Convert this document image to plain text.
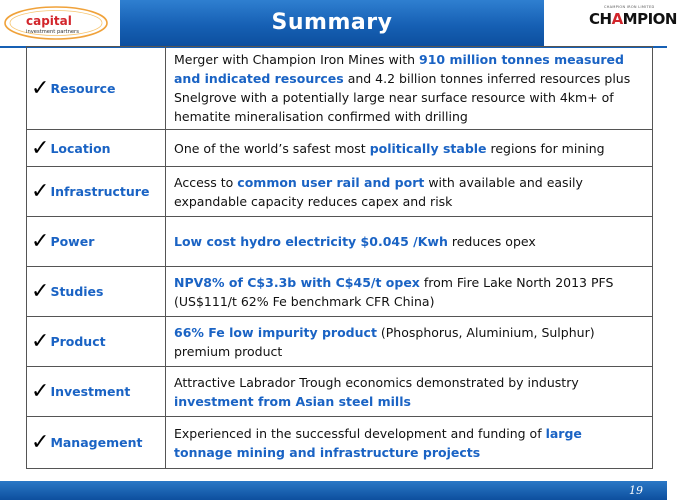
capital
investment partners	Summary
CHAMPION IRON LIMITED
CHAMPION
✓Resource	Merger with Champion Iron Mines with 910 million tonnes measured and indicated resources and 4.2 billion tonnes inferred resources plus Snelgrove with a potentially large near surface resource with 4km+ of hematite mineralisation confirmed with drilling
✓Location	One of the world’s safest most politically stable regions for mining
✓Infrastructure	Access to common user rail and port with available and easily expandable capacity reduces capex and risk
✓Power	Low cost hydro electricity $0.045 /Kwh reduces opex
✓Studies	NPV8% of C$3.3b with C$45/t opex from Fire Lake North 2013 PFS (US$111/t 62% Fe benchmark CFR China)
✓Product	66% Fe low impurity product (Phosphorus, Aluminium, Sulphur) premium product
✓Investment	Attractive Labrador Trough economics demonstrated by industry investment from Asian steel mills
✓Management	Experienced in the successful development and funding of large tonnage mining and infrastructure projects
19
